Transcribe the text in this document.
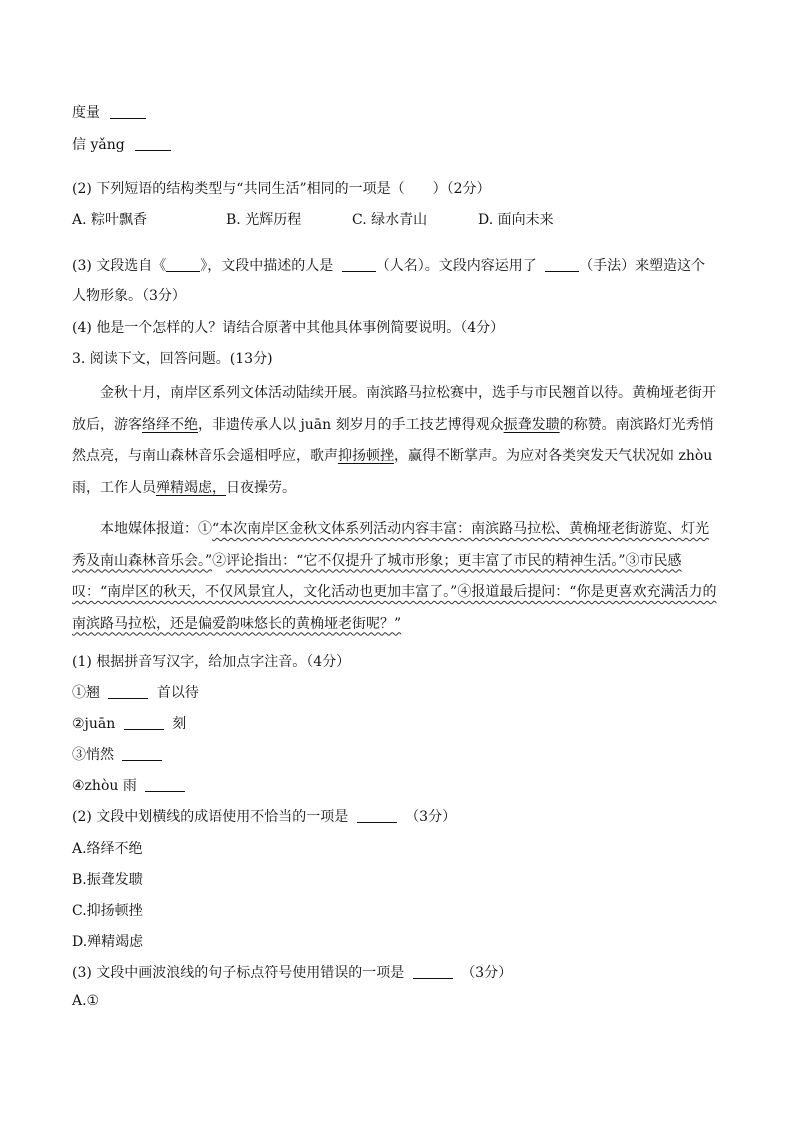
度量
信 yǎng
(2) 下列短语的结构类型与“共同生活”相同的一项是（　　）（2分）
A. 粽叶飘香	B. 光辉历程	C. 绿水青山	D. 面向未来
(3) 文段选自《 》，文段中描述的人是	（人名）。文段内容运用了	（手法）来塑造这个
人物形象。（3分）
(4) 他是一个怎样的人？请结合原著中其他具体事例简要说明。（4分）
3. 阅读下文，回答问题。(13分)
金秋十月，南岸区系列文体活动陆续开展。南滨路马拉松赛中，选手与市民翘首以待。黄桷垭老街开放后，游客络绎不绝，非遗传承人以 juān 刻岁月的手工技艺博得观众振聋发聩的称赞。南滨路灯光秀悄然点亮，与南山森林音乐会遥相呼应，歌声抑扬顿挫，赢得不断掌声。为应对各类突发天气状况如 zhòu 雨，工作人员殚精竭虑，日夜操劳。
本地媒体报道：①“本次南岸区金秋文体系列活动内容丰富：南滨路马拉松、黄桷垭老街游览、灯光秀及南山森林音乐会。”②评论指出：“它不仅提升了城市形象；更丰富了市民的精神生活。”③市民感叹：“南岸区的秋天，不仅风景宜人，文化活动也更加丰富了。”④报道最后提问：“你是更喜欢充满活力的南滨路马拉松，还是偏爱韵味悠长的黄桷垭老街呢？”
(1) 根据拼音写汉字，给加点字注音。（4分）
①翘	首以待
②juān	刻
③悄然
④zhòu 雨
(2) 文段中划横线的成语使用不恰当的一项是	（3分）
A.络绎不绝
B.振聋发聩
C.抑扬顿挫
D.殚精竭虑
(3) 文段中画波浪线的句子标点符号使用错误的一项是	（3分）
A.①
